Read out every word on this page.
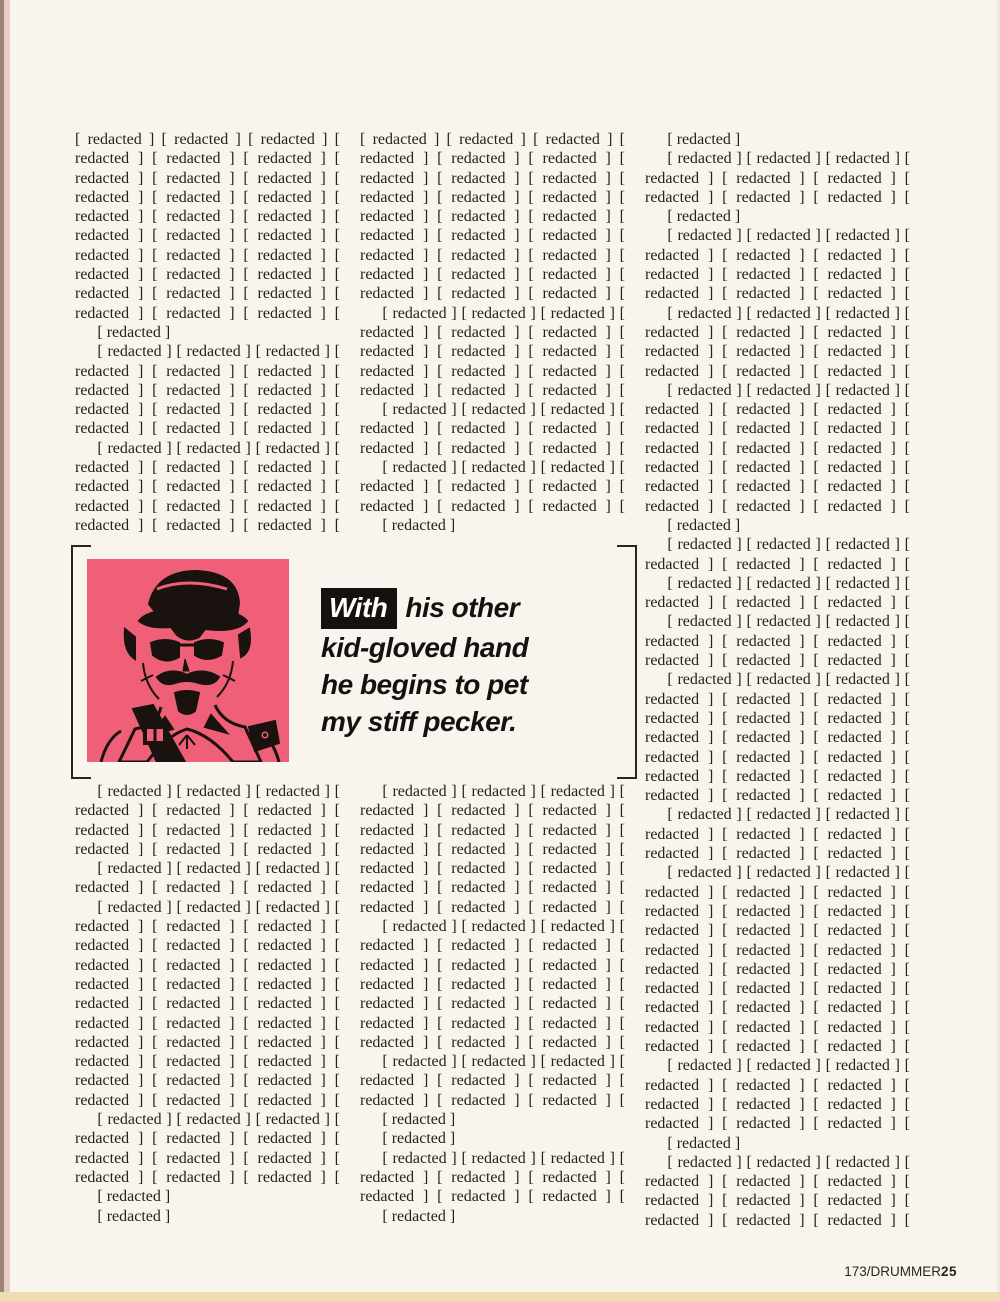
[ redacted ] [ redacted ] [ redacted ] [ redacted ] [ redacted ] [ redacted ] [ redacted ] [ redacted ] [ redacted ] [ redacted ] [ redacted ] [ redacted ] [ redacted ] [ redacted ] [ redacted ] [ redacted ] [ redacted ] [ redacted ] [ redacted ] [ redacted ] [ redacted ] [ redacted ] [ redacted ] [ redacted ] [ redacted ] [ redacted ] [ redacted ] [ redacted ] [ redacted ] [ redacted ] [

[ redacted ]

[ redacted ] [ redacted ] [ redacted ] [ redacted ] [ redacted ] [ redacted ] [ redacted ] [ redacted ] [ redacted ] [ redacted ] [ redacted ] [ redacted ] [ redacted ] [ redacted ] [ redacted ] [

[ redacted ] [ redacted ] [ redacted ] [ redacted ] [ redacted ] [ redacted ] [ redacted ] [ redacted ] [ redacted ] [ redacted ] [ redacted ] [ redacted ] [ redacted ] [ redacted ] [ redacted ] [

[ redacted ] [ redacted ] [ redacted ] [ redacted ] [ redacted ] [ redacted ] [ redacted ] [ redacted ] [ redacted ] [ redacted ] [ redacted ] [ redacted ] [ redacted ] [ redacted ] [ redacted ] [ redacted ] [ redacted ] [ redacted ] [ redacted ] [ redacted ] [ redacted ] [ redacted ] [ redacted ] [ redacted ] [ redacted ] [ redacted ] [ redacted ] [

[ redacted ] [ redacted ] [ redacted ] [ redacted ] [ redacted ] [ redacted ] [ redacted ] [ redacted ] [ redacted ] [ redacted ] [ redacted ] [ redacted ] [ redacted ] [ redacted ] [ redacted ] [

[ redacted ] [ redacted ] [ redacted ] [ redacted ] [ redacted ] [ redacted ] [ redacted ] [ redacted ] [ redacted ] [

[ redacted ] [ redacted ] [ redacted ] [ redacted ] [ redacted ] [ redacted ] [ redacted ] [ redacted ] [ redacted ] [

[ redacted ]

[ redacted ]

[ redacted ] [ redacted ] [ redacted ] [ redacted ] [ redacted ] [ redacted ] [ redacted ] [ redacted ] [ redacted ] [

[ redacted ]

[ redacted ] [ redacted ] [ redacted ] [ redacted ] [ redacted ] [ redacted ] [ redacted ] [ redacted ] [ redacted ] [ redacted ] [ redacted ] [ redacted ] [

[ redacted ] [ redacted ] [ redacted ] [ redacted ] [ redacted ] [ redacted ] [ redacted ] [ redacted ] [ redacted ] [ redacted ] [ redacted ] [ redacted ] [

[ redacted ] [ redacted ] [ redacted ] [ redacted ] [ redacted ] [ redacted ] [ redacted ] [ redacted ] [ redacted ] [ redacted ] [ redacted ] [ redacted ] [ redacted ] [ redacted ] [ redacted ] [ redacted ] [ redacted ] [ redacted ] [ redacted ] [ redacted ] [ redacted ] [

[ redacted ]

[ redacted ] [ redacted ] [ redacted ] [ redacted ] [ redacted ] [ redacted ] [

[ redacted ] [ redacted ] [ redacted ] [ redacted ] [ redacted ] [ redacted ] [

[ redacted ] [ redacted ] [ redacted ] [ redacted ] [ redacted ] [ redacted ] [ redacted ] [ redacted ] [ redacted ] [

[ redacted ] [ redacted ] [ redacted ] [ redacted ] [ redacted ] [ redacted ] [ redacted ] [ redacted ] [ redacted ] [ redacted ] [ redacted ] [ redacted ] [ redacted ] [ redacted ] [ redacted ] [ redacted ] [ redacted ] [ redacted ] [ redacted ] [ redacted ] [ redacted ] [

[ redacted ] [ redacted ] [ redacted ] [ redacted ] [ redacted ] [ redacted ] [ redacted ] [ redacted ] [ redacted ] [

[ redacted ] [ redacted ] [ redacted ] [ redacted ] [ redacted ] [ redacted ] [ redacted ] [ redacted ] [ redacted ] [ redacted ] [ redacted ] [ redacted ] [ redacted ] [ redacted ] [ redacted ] [ redacted ] [ redacted ] [ redacted ] [ redacted ] [ redacted ] [ redacted ] [ redacted ] [ redacted ] [ redacted ] [ redacted ] [ redacted ] [ redacted ] [ redacted ] [ redacted ] [ redacted ] [

[ redacted ] [ redacted ] [ redacted ] [ redacted ] [ redacted ] [ redacted ] [ redacted ] [ redacted ] [ redacted ] [ redacted ] [ redacted ] [ redacted ] [

[ redacted ]

[ redacted ] [ redacted ] [ redacted ] [ redacted ] [ redacted ] [ redacted ] [ redacted ] [ redacted ] [ redacted ] [ redacted ] [ redacted ] [ redacted ] [

[ redacted ] [ redacted ] [ redacted ] [ redacted ] [ redacted ] [ redacted ] [ redacted ] [ redacted ] [ redacted ] [ redacted ] [ redacted ] [ redacted ] [

[ redacted ] [ redacted ] [ redacted ] [ redacted ] [ redacted ] [ redacted ] [

[ redacted ] [ redacted ] [ redacted ] [ redacted ] [ redacted ] [ redacted ] [ redacted ] [ redacted ] [ redacted ] [ redacted ] [ redacted ] [ redacted ] [ redacted ] [ redacted ] [ redacted ] [ redacted ] [ redacted ] [ redacted ] [ redacted ] [ redacted ] [ redacted ] [ redacted ] [ redacted ] [ redacted ] [ redacted ] [ redacted ] [ redacted ] [ redacted ] [ redacted ] [ redacted ] [ redacted ] [ redacted ] [ redacted ] [

[ redacted ] [ redacted ] [ redacted ] [ redacted ] [ redacted ] [ redacted ] [ redacted ] [ redacted ] [ redacted ] [ redacted ] [ redacted ] [ redacted ] [

[ redacted ]

[ redacted ]

[ redacted ] [ redacted ] [ redacted ] [ redacted ] [ redacted ] [ redacted ] [ redacted ] [ redacted ] [ redacted ] [ redacted ] [ redacted ] [ redacted ] [ redacted ] [ redacted ] [ redacted ] [ redacted ] [ redacted ] [ redacted ] [ redacted ] [ redacted ] [ redacted ] [

[ redacted ] [ redacted ] [ redacted ] [ redacted ] [ redacted ] [ redacted ] [ redacted ] [ redacted ] [ redacted ] [ redacted ] [ redacted ] [ redacted ] [ redacted ] [ redacted ] [ redacted ] [ redacted ] [ redacted ] [ redacted ] [ redacted ] [ redacted ] [ redacted ] [

[ redacted ] [ redacted ] [ redacted ] [ redacted ] [ redacted ] [ redacted ] [ redacted ] [ redacted ] [ redacted ] [

[ redacted ]

[ redacted ]

[ redacted ] [ redacted ] [ redacted ] [ redacted ] [ redacted ] [ redacted ] [ redacted ] [ redacted ] [ redacted ] [

[ redacted ]

With his other
kid-gloved hand
he begins to pet
my stiff pecker.
173/DRUMMER25
